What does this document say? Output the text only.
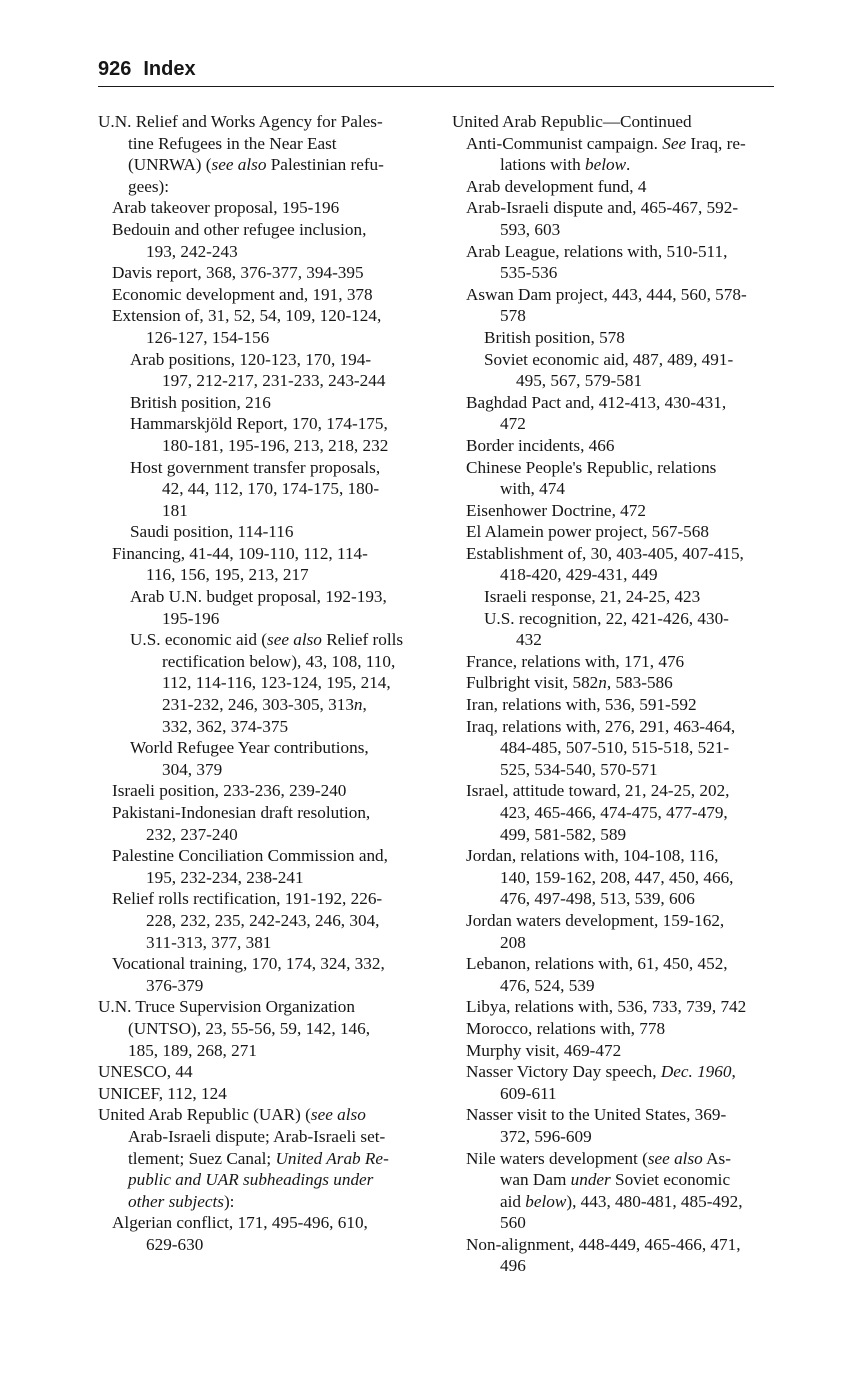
926 Index
U.N. Relief and Works Agency for Pales-
tine Refugees in the Near East
(UNRWA) (see also Palestinian refu-
gees):
Arab takeover proposal, 195-196
Bedouin and other refugee inclusion,
193, 242-243
Davis report, 368, 376-377, 394-395
Economic development and, 191, 378
Extension of, 31, 52, 54, 109, 120-124,
126-127, 154-156
Arab positions, 120-123, 170, 194-
197, 212-217, 231-233, 243-244
British position, 216
Hammarskjöld Report, 170, 174-175,
180-181, 195-196, 213, 218, 232
Host government transfer proposals,
42, 44, 112, 170, 174-175, 180-
181
Saudi position, 114-116
Financing, 41-44, 109-110, 112, 114-
116, 156, 195, 213, 217
Arab U.N. budget proposal, 192-193,
195-196
U.S. economic aid (see also Relief rolls
rectification below), 43, 108, 110,
112, 114-116, 123-124, 195, 214,
231-232, 246, 303-305, 313n,
332, 362, 374-375
World Refugee Year contributions,
304, 379
Israeli position, 233-236, 239-240
Pakistani-Indonesian draft resolution,
232, 237-240
Palestine Conciliation Commission and,
195, 232-234, 238-241
Relief rolls rectification, 191-192, 226-
228, 232, 235, 242-243, 246, 304,
311-313, 377, 381
Vocational training, 170, 174, 324, 332,
376-379
U.N. Truce Supervision Organization
(UNTSO), 23, 55-56, 59, 142, 146,
185, 189, 268, 271
UNESCO, 44
UNICEF, 112, 124
United Arab Republic (UAR) (see also
Arab-Israeli dispute; Arab-Israeli set-
tlement; Suez Canal; United Arab Re-
public and UAR subheadings under
other subjects):
Algerian conflict, 171, 495-496, 610,
629-630
United Arab Republic—Continued
Anti-Communist campaign. See Iraq, re-
lations with below.
Arab development fund, 4
Arab-Israeli dispute and, 465-467, 592-
593, 603
Arab League, relations with, 510-511,
535-536
Aswan Dam project, 443, 444, 560, 578-
578
British position, 578
Soviet economic aid, 487, 489, 491-
495, 567, 579-581
Baghdad Pact and, 412-413, 430-431,
472
Border incidents, 466
Chinese People's Republic, relations
with, 474
Eisenhower Doctrine, 472
El Alamein power project, 567-568
Establishment of, 30, 403-405, 407-415,
418-420, 429-431, 449
Israeli response, 21, 24-25, 423
U.S. recognition, 22, 421-426, 430-
432
France, relations with, 171, 476
Fulbright visit, 582n, 583-586
Iran, relations with, 536, 591-592
Iraq, relations with, 276, 291, 463-464,
484-485, 507-510, 515-518, 521-
525, 534-540, 570-571
Israel, attitude toward, 21, 24-25, 202,
423, 465-466, 474-475, 477-479,
499, 581-582, 589
Jordan, relations with, 104-108, 116,
140, 159-162, 208, 447, 450, 466,
476, 497-498, 513, 539, 606
Jordan waters development, 159-162,
208
Lebanon, relations with, 61, 450, 452,
476, 524, 539
Libya, relations with, 536, 733, 739, 742
Morocco, relations with, 778
Murphy visit, 469-472
Nasser Victory Day speech, Dec. 1960,
609-611
Nasser visit to the United States, 369-
372, 596-609
Nile waters development (see also As-
wan Dam under Soviet economic
aid below), 443, 480-481, 485-492,
560
Non-alignment, 448-449, 465-466, 471,
496
